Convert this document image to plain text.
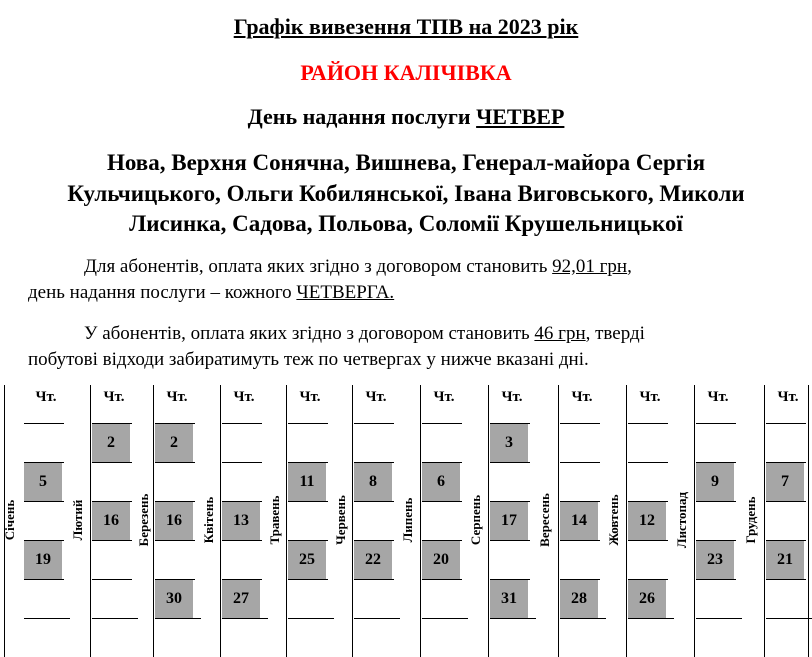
Графік вивезення ТПВ на 2023 рік
РАЙОН КАЛІЧІВКА
День надання послуги ЧЕТВЕР
Нова, Верхня Сонячна, Вишнева, Генерал-майора Сергія
Кульчицького, Ольги Кобилянської, Івана Виговського, Миколи
Лисинка, Садова, Польова, Соломії Крушельницької
Для абонентів, оплата яких згідно з договором становить 92,01 грн,
день надання послуги – кожного ЧЕТВЕРГА.
У абонентів, оплата яких згідно з договором становить 46 грн, тверді
побутові відходи забиратимуть теж по четвергах у нижче вказані дні.
Чт.
5
19
Січень
Чт.
2
16
Лютий
Чт.
2
16
30
Березень
Чт.
13
27
Квітень
Чт.
11
25
Травень
Чт.
8
22
Червень
Чт.
6
20
Липень
Чт.
3
17
31
Серпень
Чт.
14
28
Вересень
Чт.
12
26
Жовтень
Чт.
9
23
Листопад
Чт.
7
21
Грудень
